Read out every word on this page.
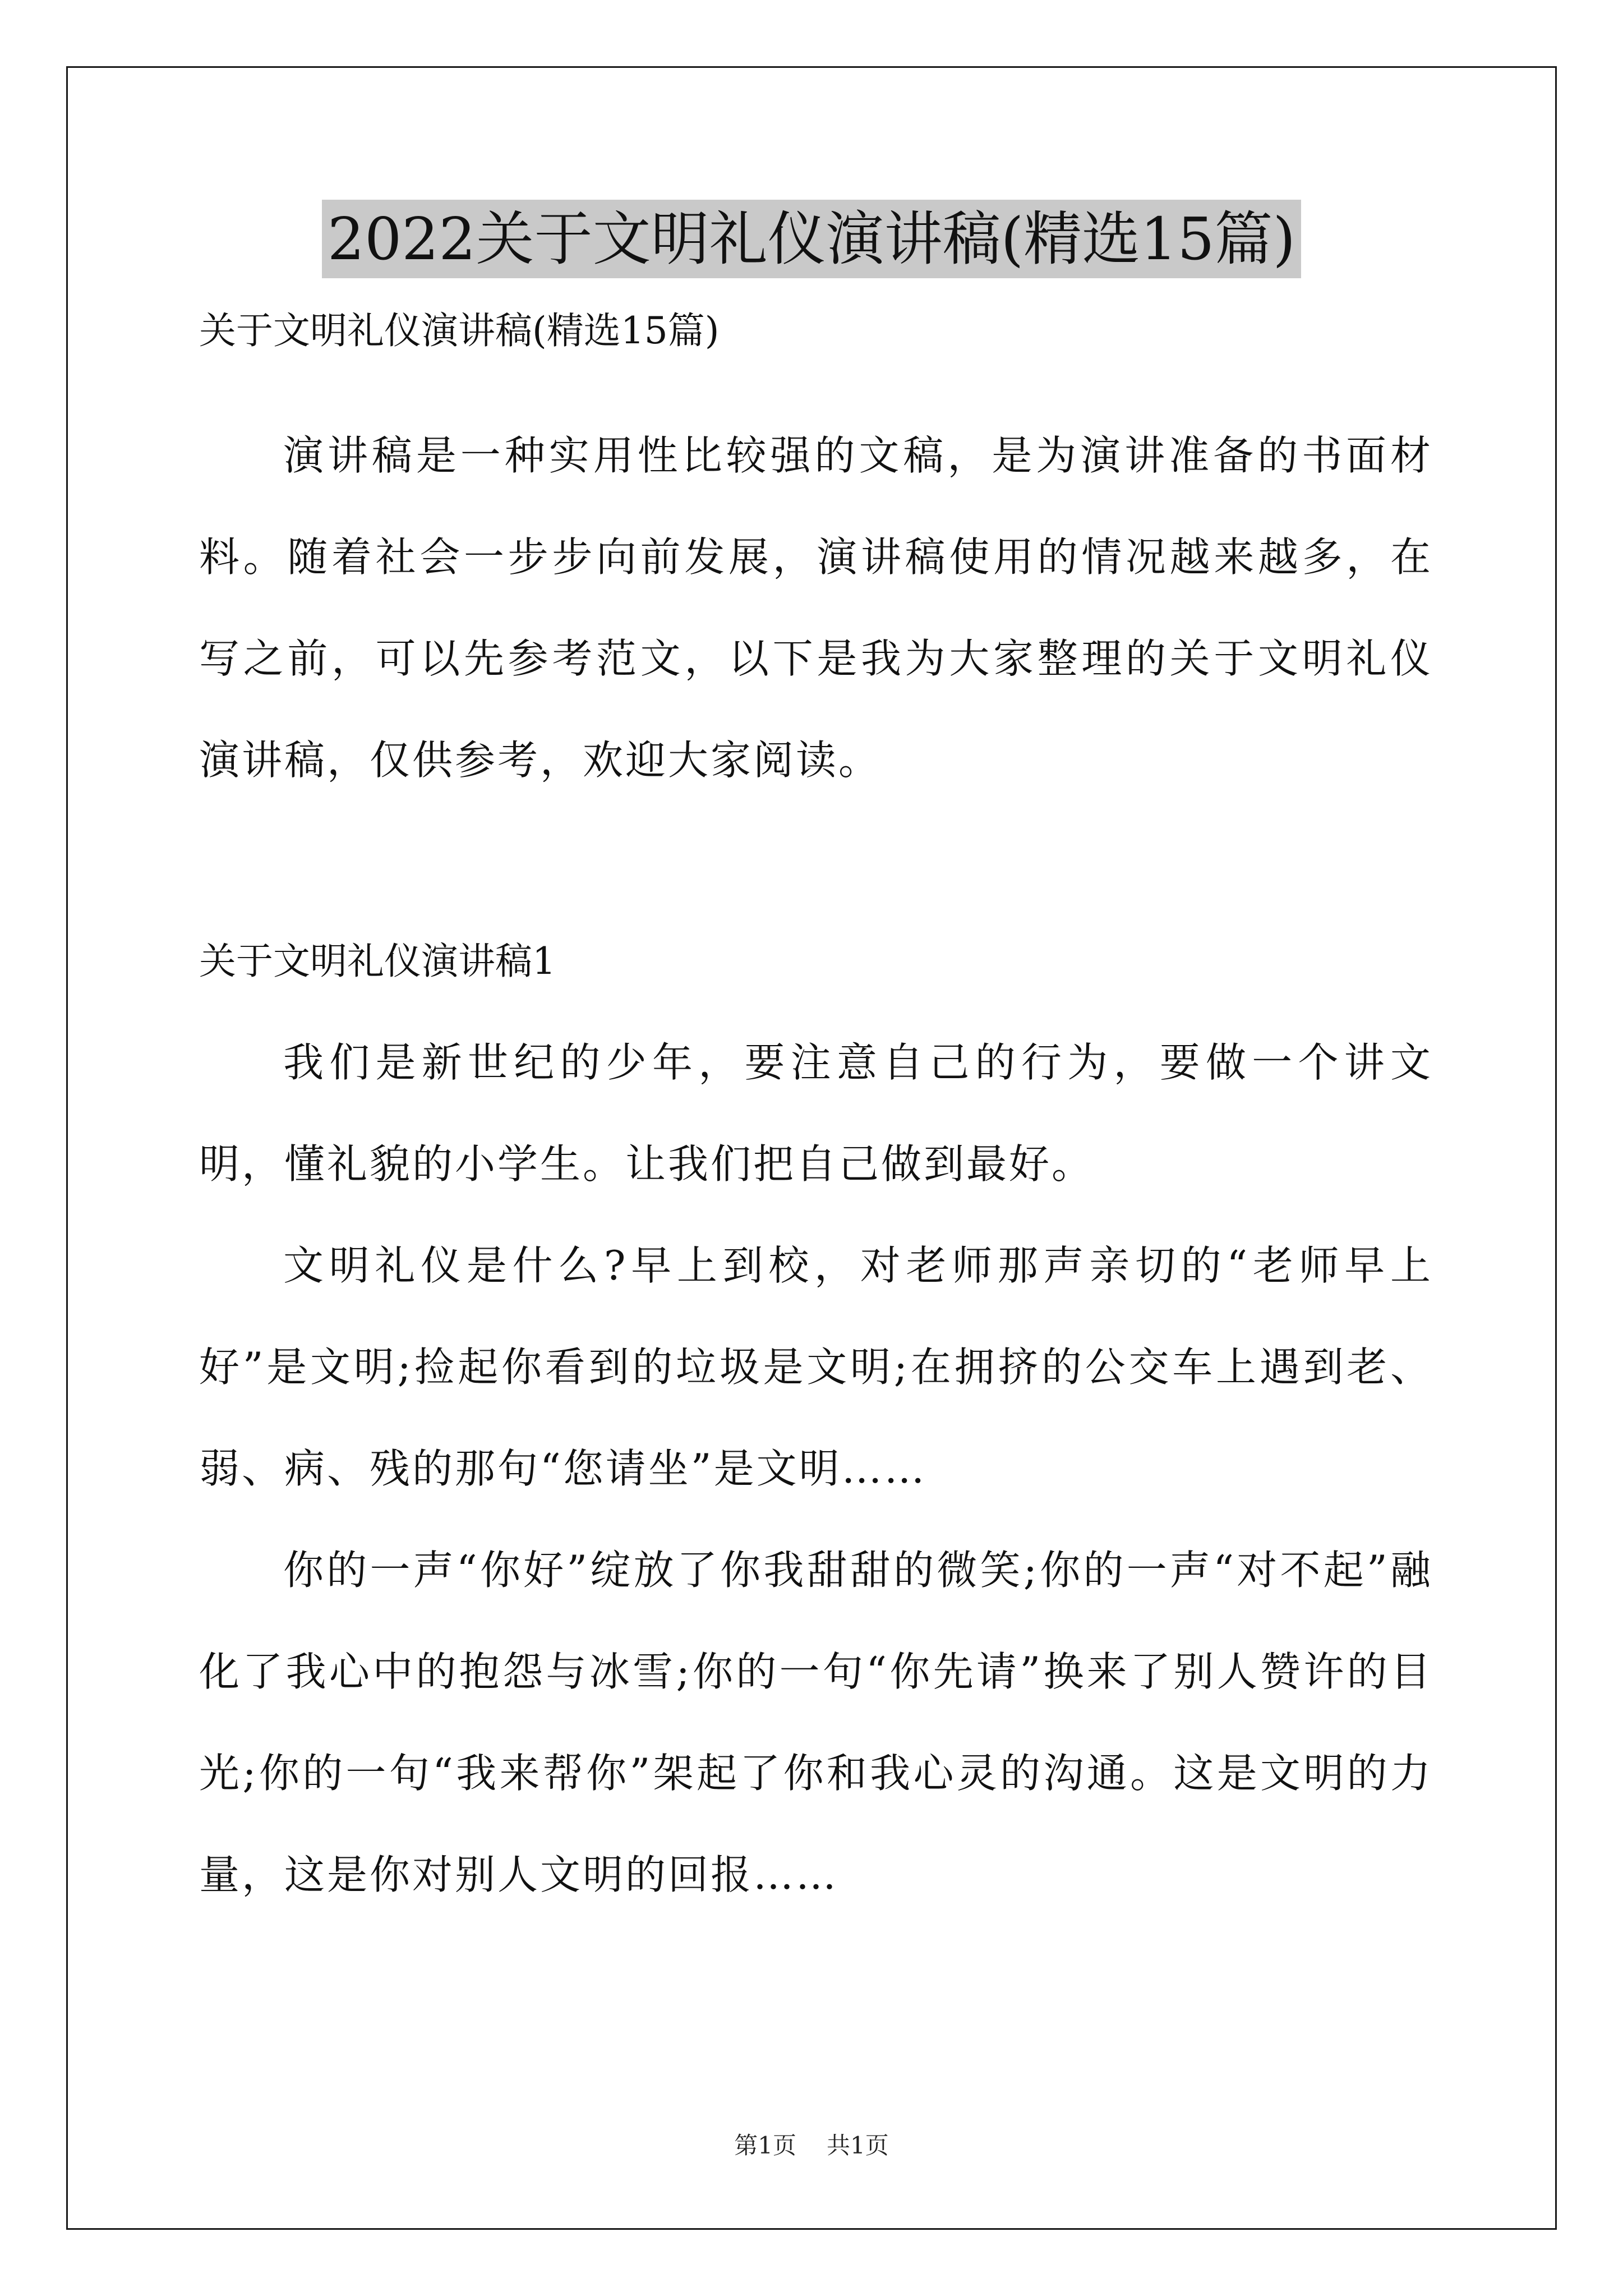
2022关于文明礼仪演讲稿(精选15篇)

关于文明礼仪演讲稿(精选15篇)

演讲稿是一种实用性比较强的文稿，是为演讲准备的书面材料。随着社会一步步向前发展，演讲稿使用的情况越来越多，在写之前，可以先参考范文，以下是我为大家整理的关于文明礼仪演讲稿，仅供参考，欢迎大家阅读。

关于文明礼仪演讲稿1

我们是新世纪的少年，要注意自己的行为，要做一个讲文明，懂礼貌的小学生。让我们把自己做到最好。

文明礼仪是什么?早上到校，对老师那声亲切的“老师早上好”是文明;捡起你看到的垃圾是文明;在拥挤的公交车上遇到老、弱、病、残的那句“您请坐”是文明……

你的一声“你好”绽放了你我甜甜的微笑;你的一声“对不起”融化了我心中的抱怨与冰雪;你的一句“你先请”换来了别人赞许的目光;你的一句“我来帮你”架起了你和我心灵的沟通。这是文明的力量，这是你对别人文明的回报……

第1页 共1页
